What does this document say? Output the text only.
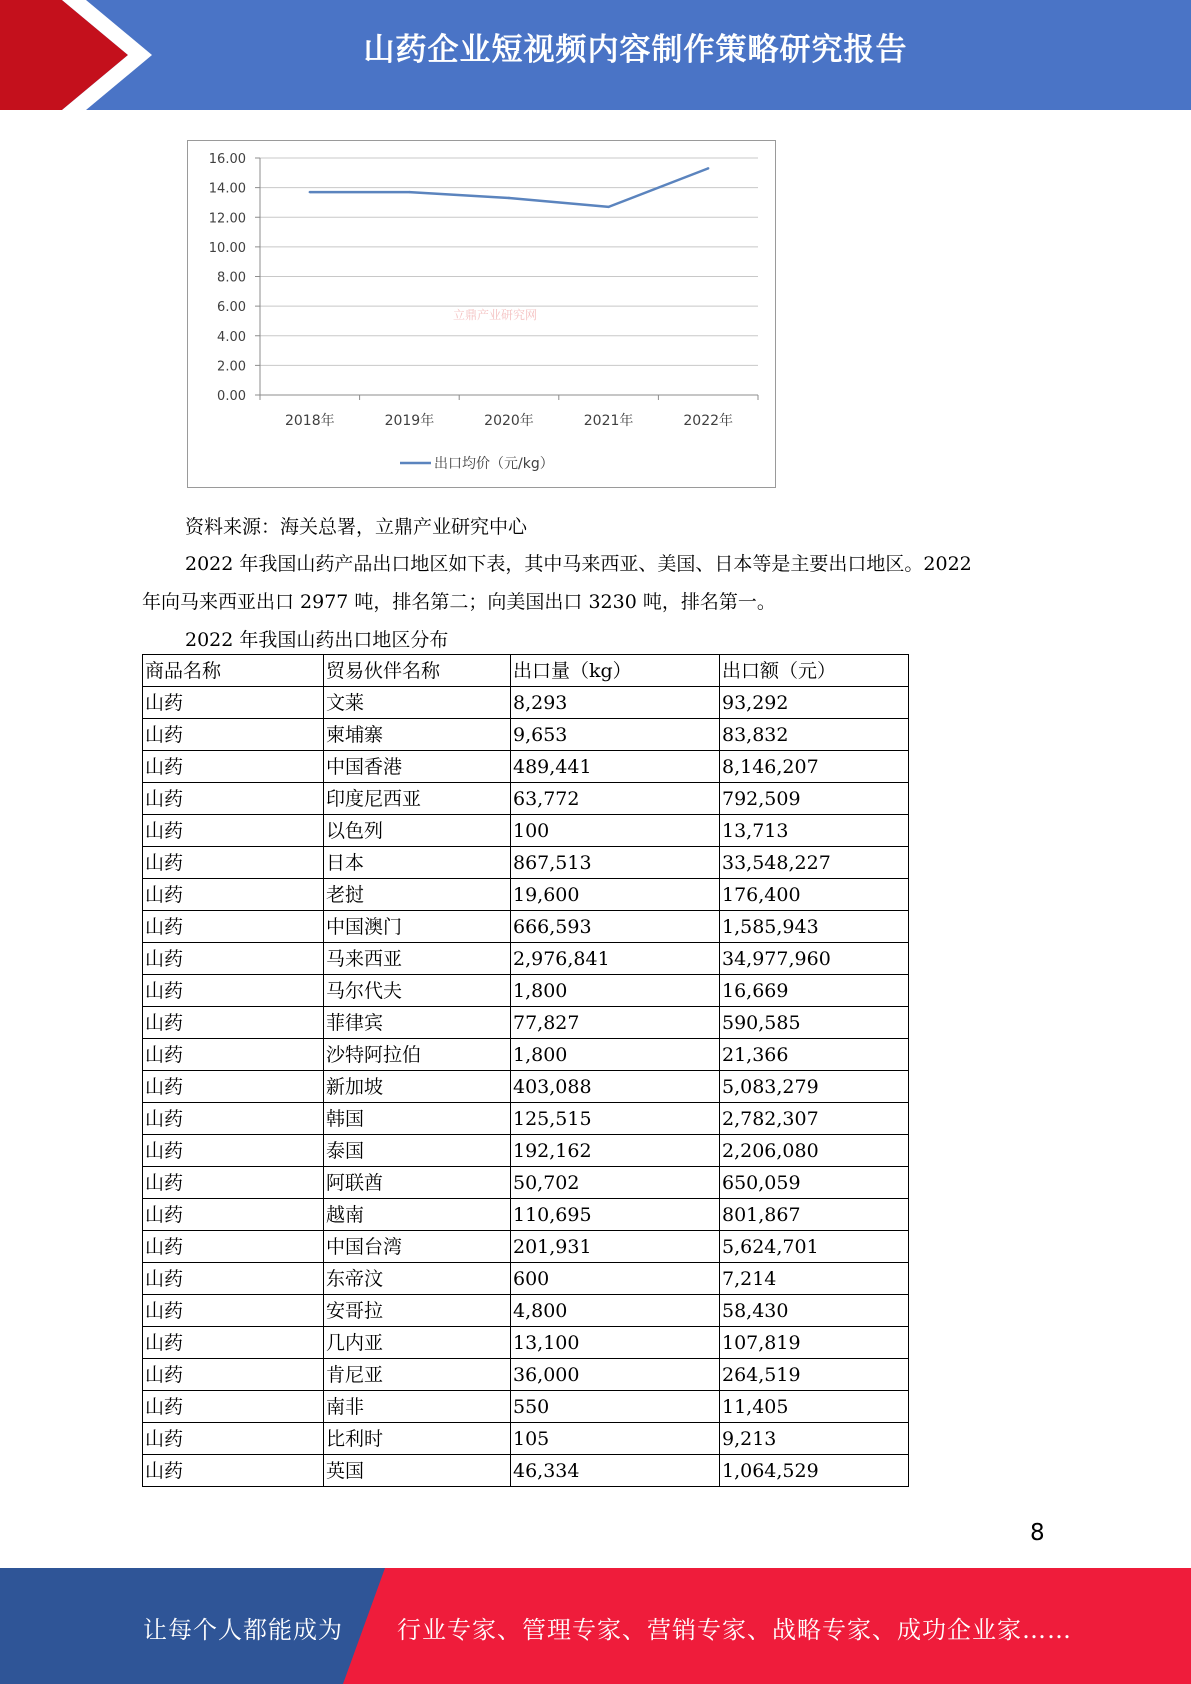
山药企业短视频内容制作策略研究报告
0.00
2.00
4.00
6.00
8.00
10.00
12.00
14.00
16.00
2018年	2019年	2020年	2021年	2022年
立鼎产业研究网
出口均价（元/kg）
资料来源：海关总署，立鼎产业研究中心
2022 年我国山药产品出口地区如下表，其中马来西亚、美国、日本等是主要出口地区。2022
年向马来西亚出口 2977 吨，排名第二；向美国出口 3230 吨，排名第一。
2022 年我国山药出口地区分布
商品名称	贸易伙伴名称	出口量（kg）	出口额（元）
山药	文莱	8,293	93,292
山药	柬埔寨	9,653	83,832
山药	中国香港	489,441	8,146,207
山药	印度尼西亚	63,772	792,509
山药	以色列	100	13,713
山药	日本	867,513	33,548,227
山药	老挝	19,600	176,400
山药	中国澳门	666,593	1,585,943
山药	马来西亚	2,976,841	34,977,960
山药	马尔代夫	1,800	16,669
山药	菲律宾	77,827	590,585
山药	沙特阿拉伯	1,800	21,366
山药	新加坡	403,088	5,083,279
山药	韩国	125,515	2,782,307
山药	泰国	192,162	2,206,080
山药	阿联酋	50,702	650,059
山药	越南	110,695	801,867
山药	中国台湾	201,931	5,624,701
山药	东帝汶	600	7,214
山药	安哥拉	4,800	58,430
山药	几内亚	13,100	107,819
山药	肯尼亚	36,000	264,519
山药	南非	550	11,405
山药	比利时	105	9,213
山药	英国	46,334	1,064,529
8
让每个人都能成为 行业专家、管理专家、营销专家、战略专家、成功企业家……
